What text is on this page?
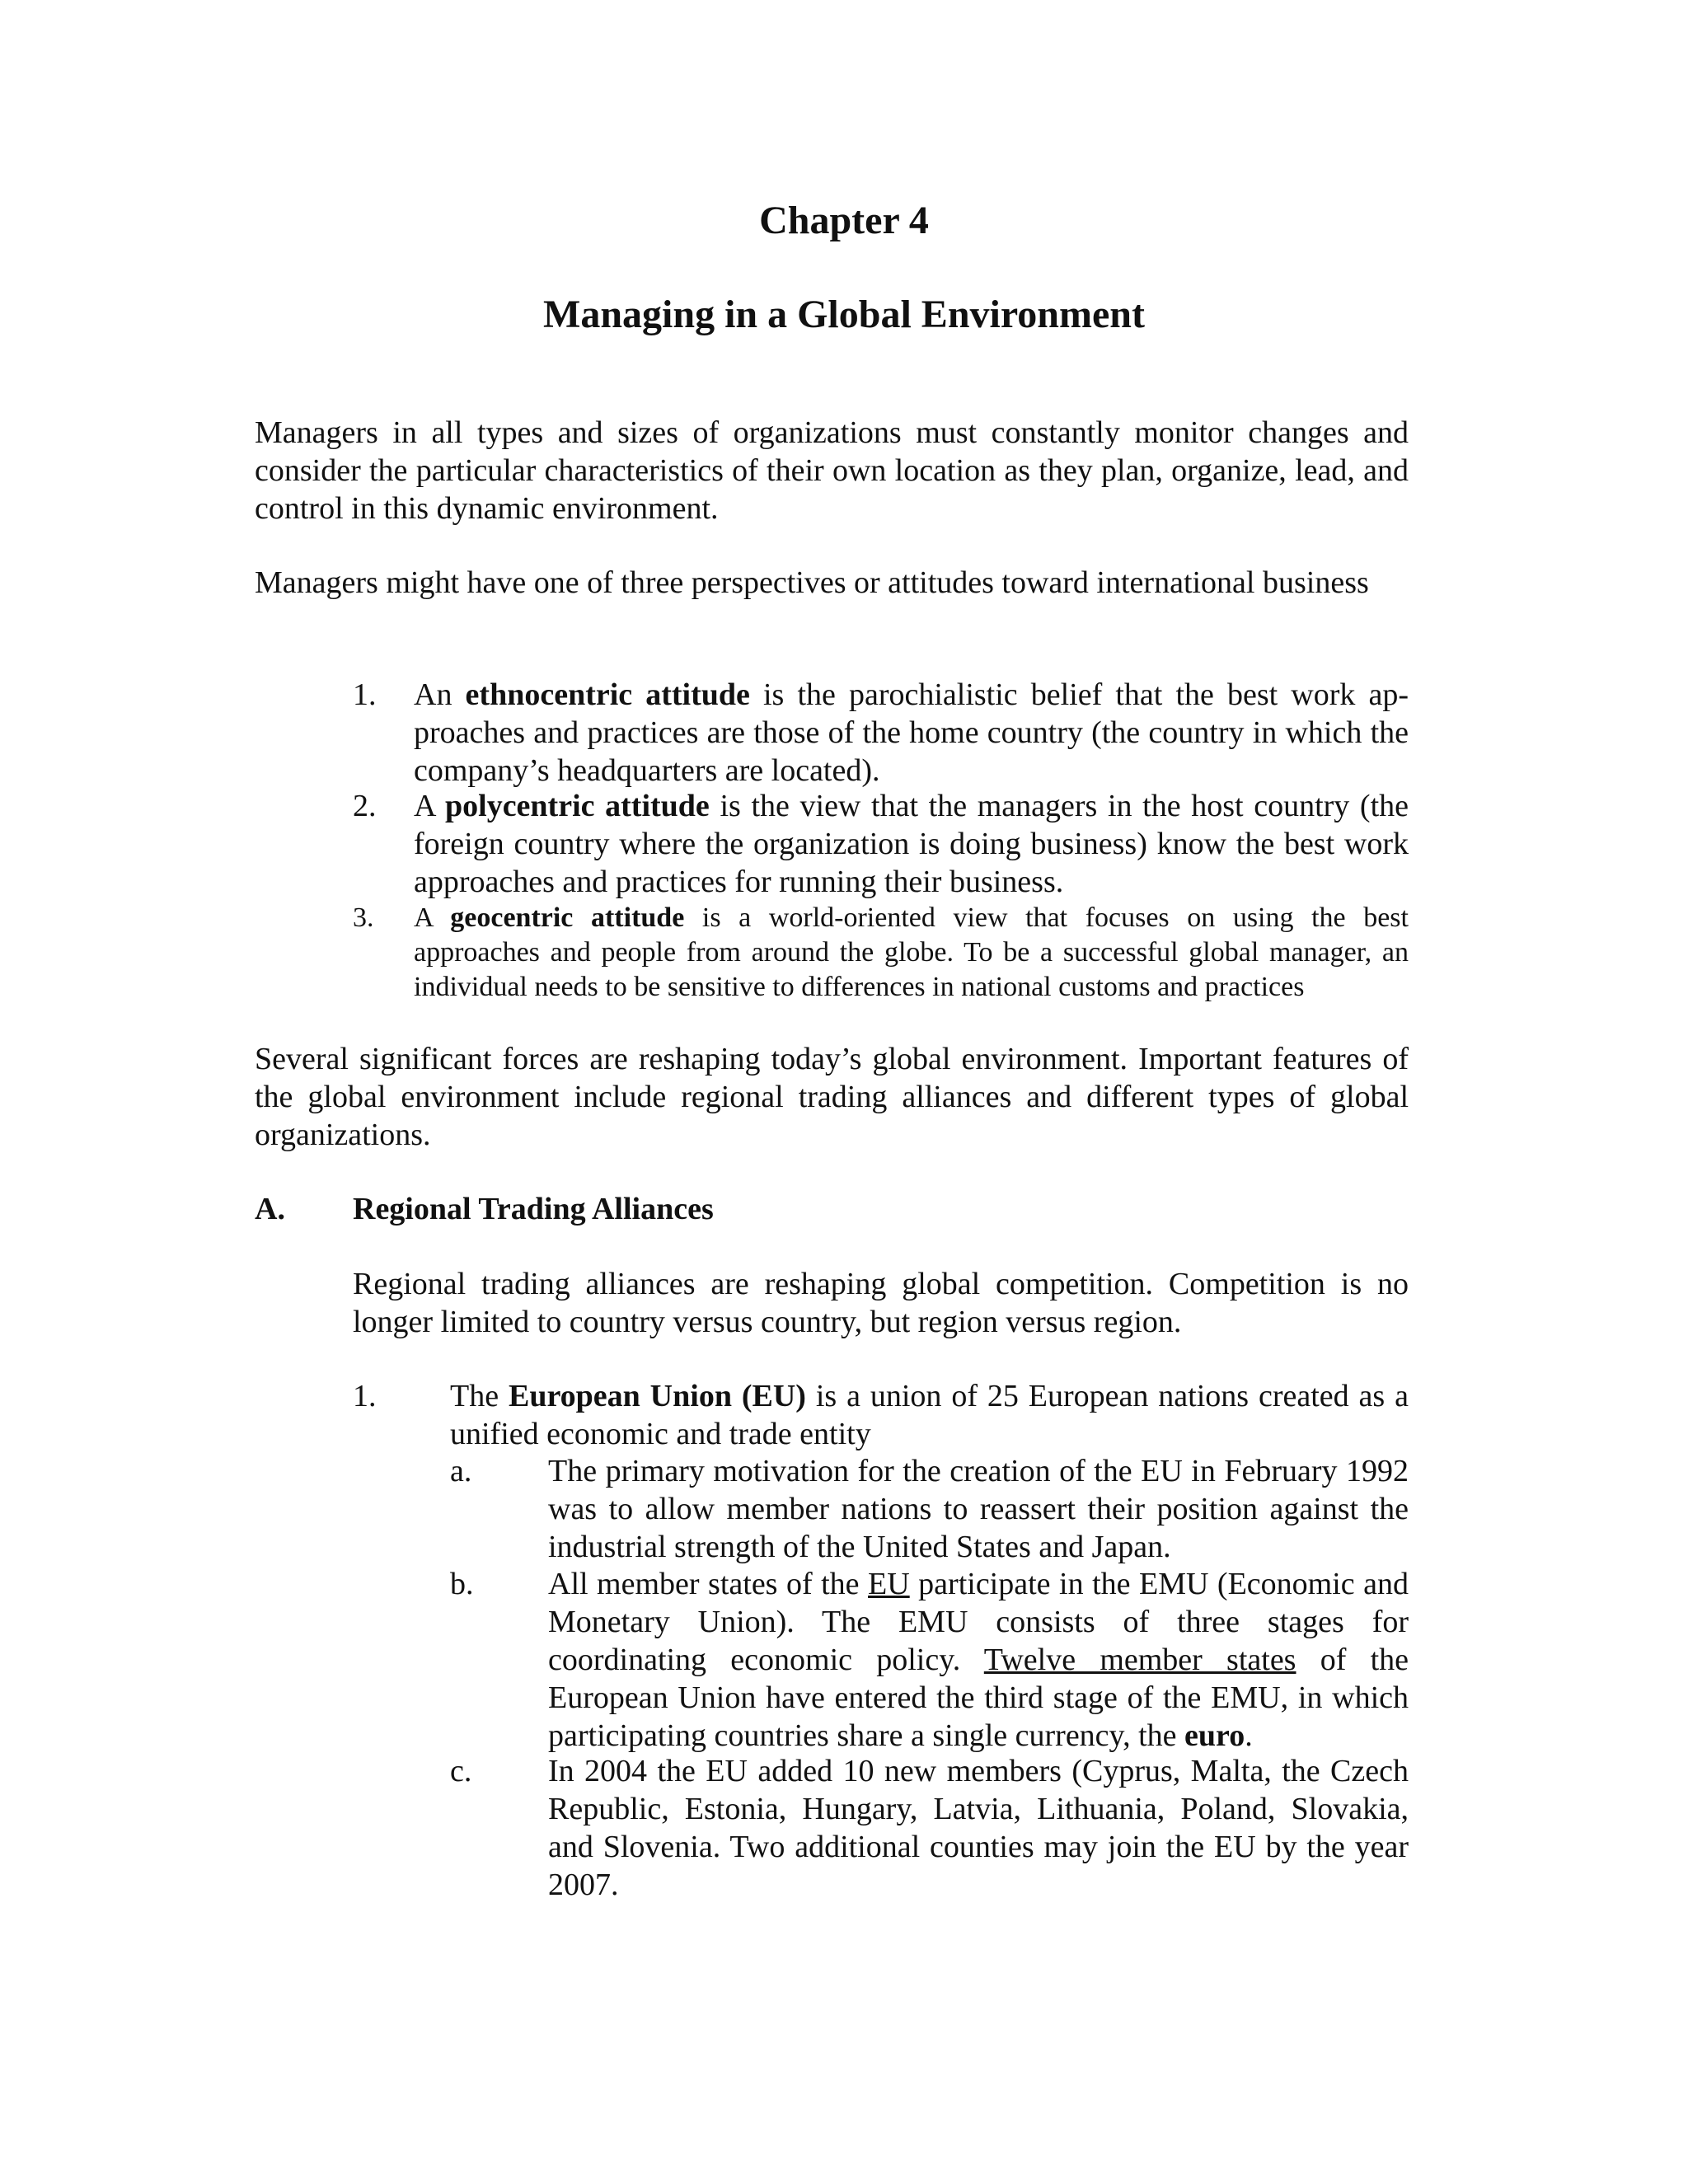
Chapter 4
Managing in a Global Environment

Managers in all types and sizes of organizations must constantly monitor changes and consider the particular characteristics of their own location as they plan, organize, lead, and control in this dynamic environment.

Managers might have one of three perspectives or attitudes toward international business

1. An ethnocentric attitude is the parochialistic belief that the best work ap-proaches and practices are those of the home country (the country in which the company’s headquarters are located).

2. A polycentric attitude is the view that the managers in the host country (the foreign country where the organization is doing business) know the best work approaches and practices for running their business.

3. A geocentric attitude is a world-oriented view that focuses on using the best approaches and people from around the globe. To be a successful global manager, an individual needs to be sensitive to differences in national customs and practices

Several significant forces are reshaping today’s global environment. Important features of the global environment include regional trading alliances and different types of global organizations.

A. Regional Trading Alliances

Regional trading alliances are reshaping global competition. Competition is no longer limited to country versus country, but region versus region.

1. The European Union (EU) is a union of 25 European nations created as a unified economic and trade entity

a. The primary motivation for the creation of the EU in February 1992 was to allow member nations to reassert their position against the industrial strength of the United States and Japan.

b. All member states of the EU participate in the EMU (Economic and Monetary Union). The EMU consists of three stages for coordinating economic policy. Twelve member states of the European Union have entered the third stage of the EMU, in which participating countries share a single currency, the euro.

c. In 2004 the EU added 10 new members (Cyprus, Malta, the Czech Republic, Estonia, Hungary, Latvia, Lithuania, Poland, Slovakia, and Slovenia. Two additional counties may join the EU by the year 2007.
